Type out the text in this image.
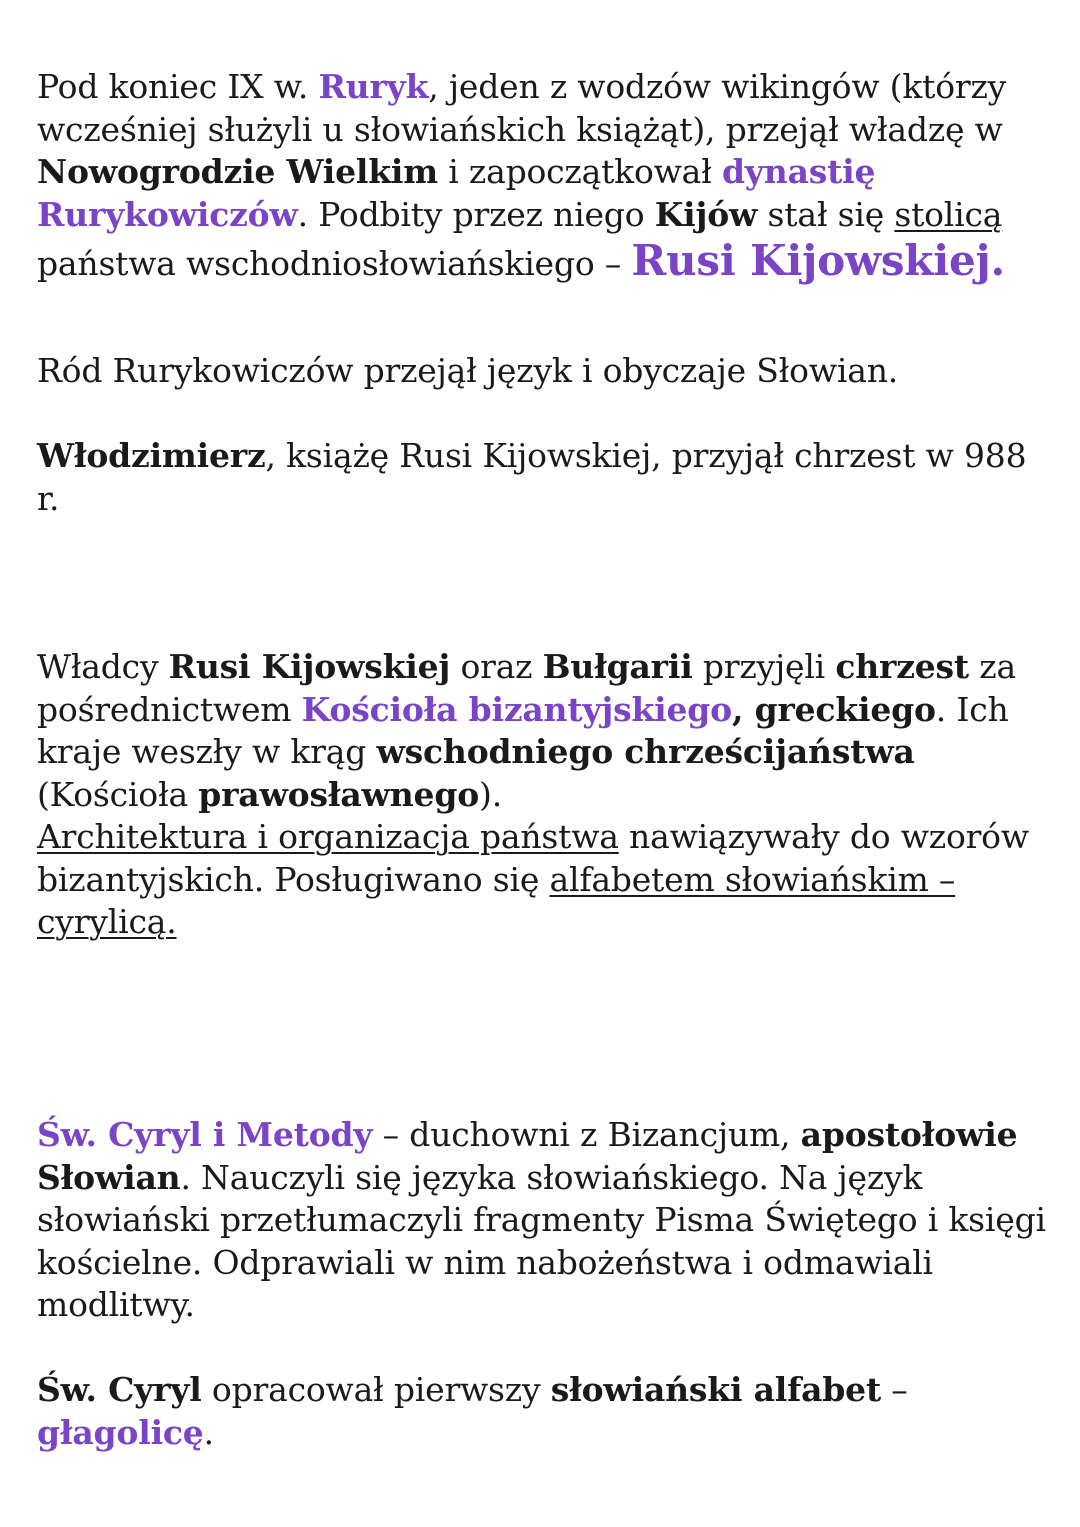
Pod koniec IX w. Ruryk, jeden z wodzów wikingów (którzy wcześniej służyli u słowiańskich książąt), przejął władzę w Nowogrodzie Wielkim i zapoczątkował dynastię Rurykowiczów. Podbity przez niego Kijów stał się stolicą państwa wschodniosłowiańskiego – Rusi Kijowskiej.

Ród Rurykowiczów przejął język i obyczaje Słowian.

Włodzimierz, książę Rusi Kijowskiej, przyjął chrzest w 988 r.

Władcy Rusi Kijowskiej oraz Bułgarii przyjęli chrzest za pośrednictwem Kościoła bizantyjskiego, greckiego. Ich kraje weszły w krąg wschodniego chrześcijaństwa (Kościoła prawosławnego).
Architektura i organizacja państwa nawiązywały do wzorów bizantyjskich. Posługiwano się alfabetem słowiańskim – cyrylicą.

Św. Cyryl i Metody – duchowni z Bizancjum, apostołowie Słowian. Nauczyli się języka słowiańskiego. Na język słowiański przetłumaczyli fragmenty Pisma Świętego i księgi kościelne. Odprawiali w nim nabożeństwa i odmawiali modlitwy.

Św. Cyryl opracował pierwszy słowiański alfabet – głagolicę.
